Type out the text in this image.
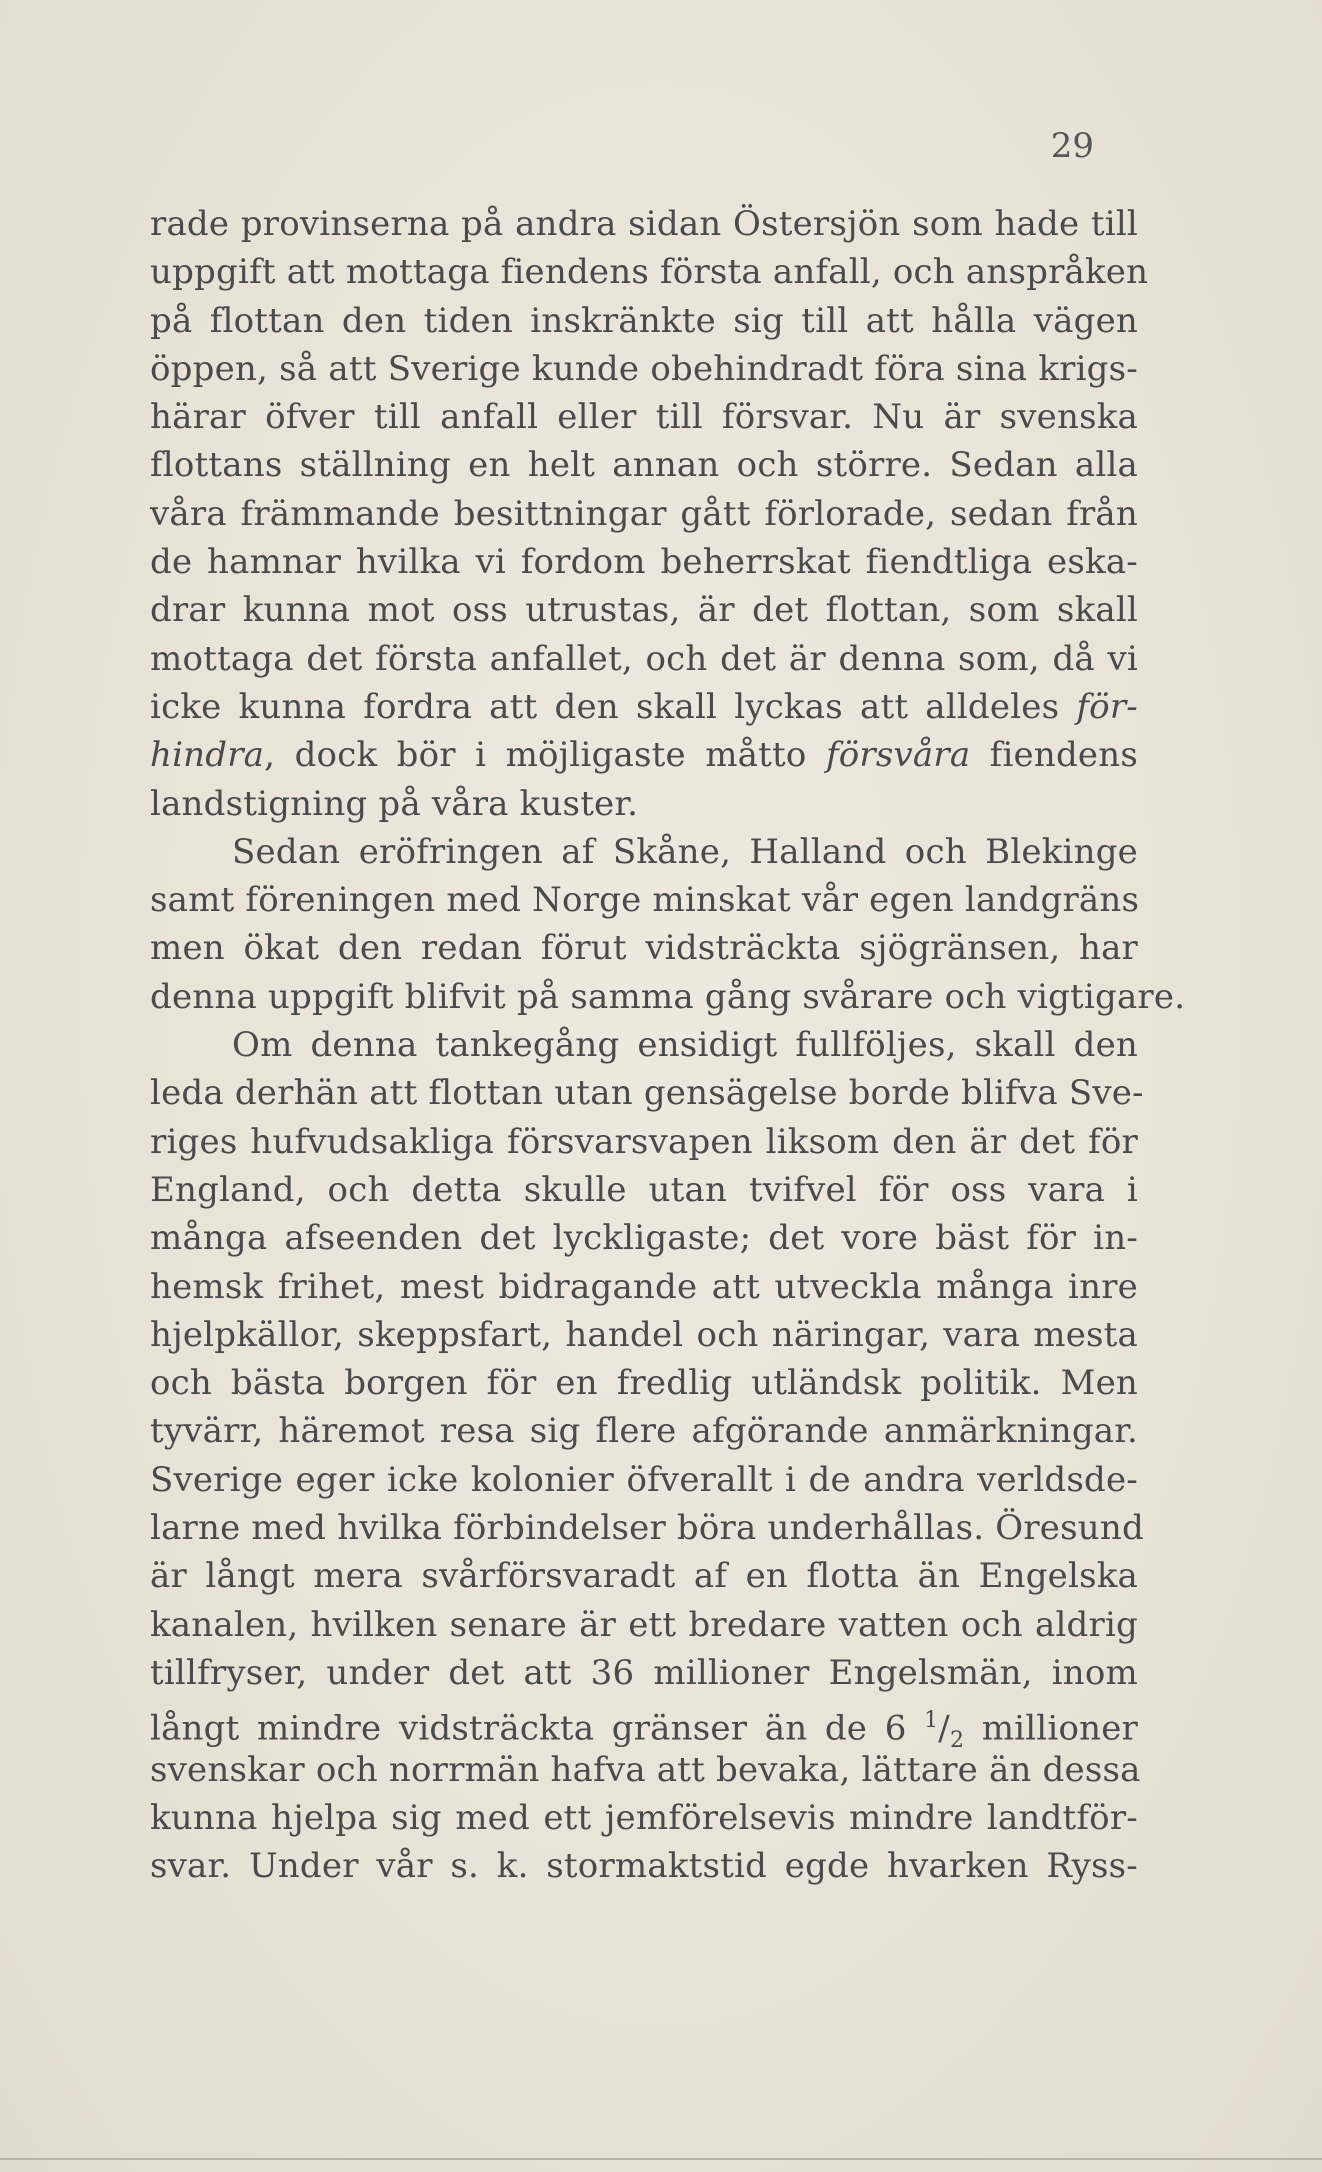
29
rade provinserna på andra sidan Östersjön som hade till
uppgift att mottaga fiendens första anfall, och anspråken
på flottan den tiden inskränkte sig till att hålla vägen
öppen, så att Sverige kunde obehindradt föra sina krigs-
härar öfver till anfall eller till försvar. Nu är svenska
flottans ställning en helt annan och större. Sedan alla
våra främmande besittningar gått förlorade, sedan från
de hamnar hvilka vi fordom beherrskat fiendtliga eska-
drar kunna mot oss utrustas, är det flottan, som skall
mottaga det första anfallet, och det är denna som, då vi
icke kunna fordra att den skall lyckas att alldeles för-
hindra, dock bör i möjligaste måtto försvåra fiendens
landstigning på våra kuster.
Sedan eröfringen af Skåne, Halland och Blekinge
samt föreningen med Norge minskat vår egen landgräns
men ökat den redan förut vidsträckta sjögränsen, har
denna uppgift blifvit på samma gång svårare och vigtigare.
Om denna tankegång ensidigt fullföljes, skall den
leda derhän att flottan utan gensägelse borde blifva Sve-
riges hufvudsakliga försvarsvapen liksom den är det för
England, och detta skulle utan tvifvel för oss vara i
många afseenden det lyckligaste; det vore bäst för in-
hemsk frihet, mest bidragande att utveckla många inre
hjelpkällor, skeppsfart, handel och näringar, vara mesta
och bästa borgen för en fredlig utländsk politik. Men
tyvärr, häremot resa sig flere afgörande anmärkningar.
Sverige eger icke kolonier öfverallt i de andra verldsde-
larne med hvilka förbindelser böra underhållas. Öresund
är långt mera svårförsvaradt af en flotta än Engelska
kanalen, hvilken senare är ett bredare vatten och aldrig
tillfryser, under det att 36 millioner Engelsmän, inom
långt mindre vidsträckta gränser än de 6 $^1/_2$ millioner
svenskar och norrmän hafva att bevaka, lättare än dessa
kunna hjelpa sig med ett jemförelsevis mindre landtför-
svar. Under vår s. k. stormaktstid egde hvarken Ryss-
